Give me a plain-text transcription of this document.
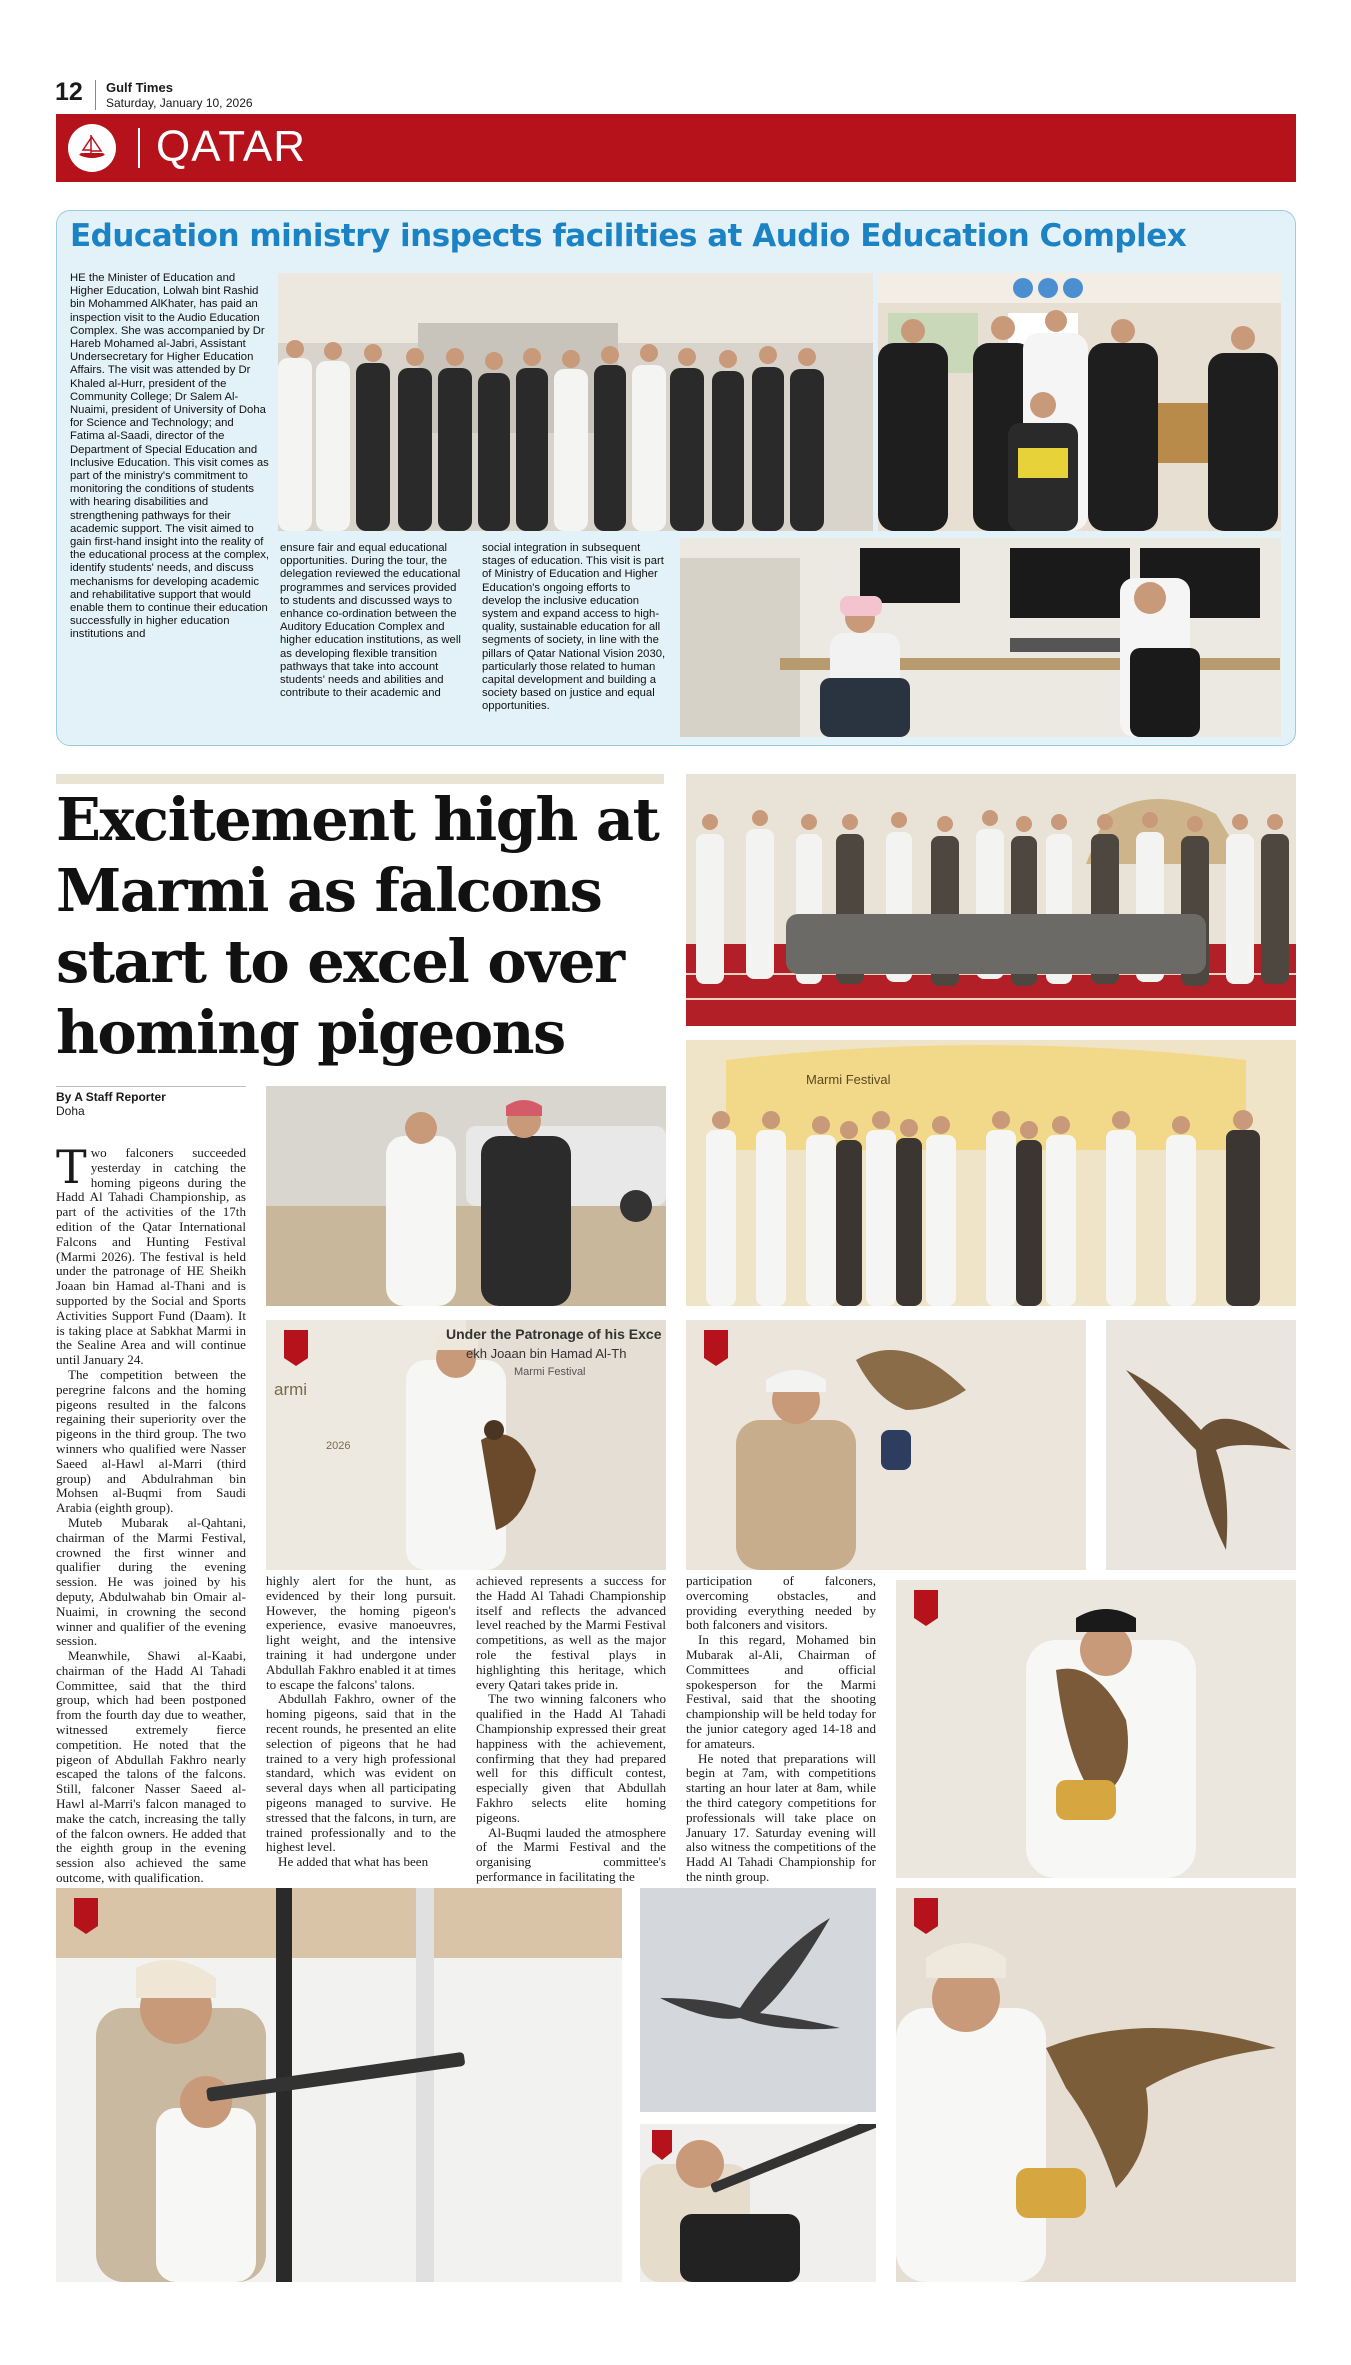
12 Gulf Times
Saturday, January 10, 2026
QATAR
Education ministry inspects facilities at Audio Education Complex
HE the Minister of Education and Higher Education, Lolwah bint Rashid bin Mohammed AlKhater, has paid an inspection visit to the Audio Education Complex. She was accompanied by Dr Hareb Mohamed al-Jabri, Assistant Undersecretary for Higher Education Affairs. The visit was attended by Dr Khaled al-Hurr, president of the Community College; Dr Salem Al-Nuaimi, president of University of Doha for Science and Technology; and Fatima al-Saadi, director of the Department of Special Education and Inclusive Education. This visit comes as part of the ministry's commitment to monitoring the conditions of students with hearing disabilities and strengthening pathways for their academic support. The visit aimed to gain first-hand insight into the reality of the educational process at the complex, identify students' needs, and discuss mechanisms for developing academic and rehabilitative support that would enable them to continue their education successfully in higher education institutions and
ensure fair and equal educational opportunities. During the tour, the delegation reviewed the educational programmes and services provided to students and discussed ways to enhance co-ordination between the Auditory Education Complex and higher education institutions, as well as developing flexible transition pathways that take into account students' needs and abilities and contribute to their academic and
social integration in subsequent stages of education. This visit is part of Ministry of Education and Higher Education's ongoing efforts to develop the inclusive education system and expand access to high-quality, sustainable education for all segments of society, in line with the pillars of Qatar National Vision 2030, particularly those related to human capital development and building a society based on justice and equal opportunities.
Excitement high at Marmi as falcons start to excel over homing pigeons
By A Staff Reporter
Doha

Two falconers succeeded yesterday in catching the homing pigeons during the Hadd Al Tahadi Championship, as part of the activities of the 17th edition of the Qatar International Falcons and Hunting Festival (Marmi 2026). The festival is held under the patronage of HE Sheikh Joaan bin Hamad al-Thani and is supported by the Social and Sports Activities Support Fund (Daam). It is taking place at Sabkhat Marmi in the Sealine Area and will continue until January 24.

The competition between the peregrine falcons and the homing pigeons resulted in the falcons regaining their superiority over the pigeons in the third group. The two winners who qualified were Nasser Saeed al-Hawl al-Marri (third group) and Abdulrahman bin Mohsen al-Buqmi from Saudi Arabia (eighth group).

Muteb Mubarak al-Qahtani, chairman of the Marmi Festival, crowned the first winner and qualifier during the evening session. He was joined by his deputy, Abdulwahab bin Omair al-Nuaimi, in crowning the second winner and qualifier of the evening session.

Meanwhile, Shawi al-Kaabi, chairman of the Hadd Al Tahadi Committee, said that the third group, which had been postponed from the fourth day due to weather, witnessed extremely fierce competition. He noted that the pigeon of Abdullah Fakhro nearly escaped the talons of the falcons. Still, falconer Nasser Saeed al-Hawl al-Marri's falcon managed to make the catch, increasing the tally of the falcon owners. He added that the eighth group in the evening session also achieved the same outcome, with qualification.

highly alert for the hunt, as evidenced by their long pursuit. However, the homing pigeon's experience, evasive manoeuvres, light weight, and the intensive training it had undergone under Abdullah Fakhro enabled it at times to escape the falcons' talons.

Abdullah Fakhro, owner of the homing pigeons, said that in the recent rounds, he presented an elite selection of pigeons that he had trained to a very high professional standard, which was evident on several days when all participating pigeons managed to survive. He stressed that the falcons, in turn, are trained professionally and to the highest level.

He added that what has been

achieved represents a success for the Hadd Al Tahadi Championship itself and reflects the advanced level reached by the Marmi Festival competitions, as well as the major role the festival plays in highlighting this heritage, which every Qatari takes pride in.

The two winning falconers who qualified in the Hadd Al Tahadi Championship expressed their great happiness with the achievement, confirming that they had prepared well for this difficult contest, especially given that Abdullah Fakhro selects elite homing pigeons.

Al-Buqmi lauded the atmosphere of the Marmi Festival and the organising committee's performance in facilitating the

participation of falconers, overcoming obstacles, and providing everything needed by both falconers and visitors.

In this regard, Mohamed bin Mubarak al-Ali, Chairman of Committees and official spokesperson for the Marmi Festival, said that the shooting championship will be held today for the junior category aged 14-18 and for amateurs.

He noted that preparations will begin at 7am, with competitions starting an hour later at 8am, while the third category competitions for professionals will take place on January 17. Saturday evening will also witness the competitions of the Hadd Al Tahadi Championship for the ninth group.

Marmi Festival
Under the Patronage of his Exce
ekh Joaan bin Hamad Al-Th
armi
2026
Marmi Festival
